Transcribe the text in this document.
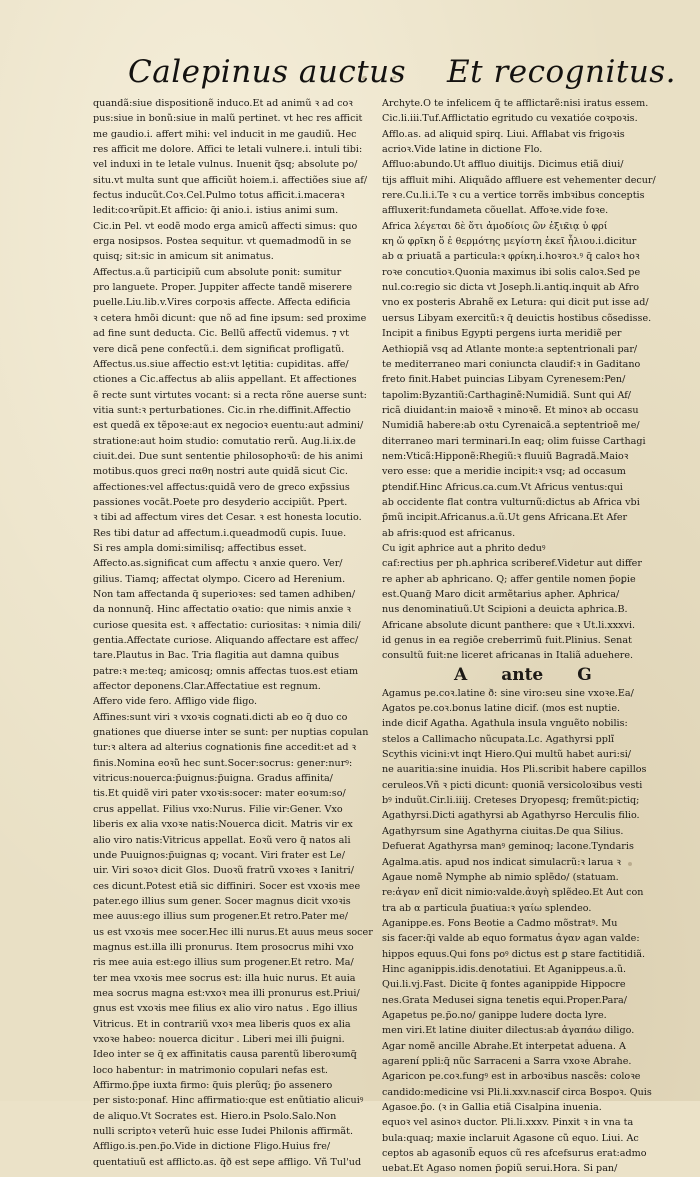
Calepinus auctus Et recognitus.
quandã:siue dispositionẽ induco.Et ad animũ ꝛ ad coꝛ
pus:siue in bonũ:siue in malũ pertinet. vt hec res afficit
me gaudio.i. affert mihi: vel inducit in me gaudiũ. Hec
res afficit me dolore. Affici te letali vulnere.i. intuli tibi:
vel induxi in te letale vulnus. Inuenit q̃sq; absolute po/
situ.vt multa sunt que afficiũt hoiem.i. affectiões siue af/
fectus inducũt.Coꝛ.Cel.Pulmo totus afficit.i.maceraꝛ
ledit:coꝛrũpit.Et afficio: q̃i anio.i. istius animi sum.
Cic.in Pel. vt eodẽ modo erga amicũ affecti simus: quo
erga nosipsos. Postea sequitur. vt quemadmodũ in se
quisq; sit:sic in amicum sit animatus.
Affectus.a.ũ participiũ cum absolute ponit: sumitur
pro languete. Proper. Juppiter affecte tandẽ miserere
puelle.Liu.lib.v.Vires corpoꝛis affecte. Affecta edificia
ꝛ cetera hmõi dicunt: que nõ ad fine ipsum: sed proxime
ad fine sunt deducta. Cic. Bellũ affectũ videmus. ⁊ vt
vere dicã pene confectũ.i. dem significat profligatũ.
Affectus.us.siue affectio est:vt lętitia: cupiditas. affe/
ctiones a Cic.affectus ab aliis appellant. Et affectiones
ẽ recte sunt virtutes vocant: si a recta rõne auerse sunt:
vitia sunt:ꝛ perturbationes. Cic.in rhe.diffinit.Affectio
est quedã ex tẽpoꝛe:aut ex negocioꝛ euentu:aut admini/
stratione:aut hoim studio: comutatio rerũ. Aug.li.ix.de
ciuit.dei. Due sunt sententie philosophoꝛũ: de his animi
motibus.quos greci παθη nostri aute quidã sicut Cic.
affectiones:vel affectus:quidã vero de greco exp̃ssius
passiones vocãt.Poete pro desyderio accipiũt. Ppert.
ꝛ tibi ad affectum vires det Cesar. ꝛ est honesta locutio.
Res tibi datur ad affectum.i.queadmodũ cupis. Iuue.
Si res ampla domi:similisq; affectibus esset.
Affecto.as.significat cum affectu ꝛ anxie quero. Ver/
gilius. Tiamq; affectat olympo. Cicero ad Herenium.
Non tam affectanda q̃ superioꝛes: sed tamen adhiben/
da nonnunq̃. Hinc affectatio oꝛatio: que nimis anxie ꝛ
curiose quesita est. ꝛ affectatio: curiositas: ꝛ nimia dili/
gentia.Affectate curiose. Aliquando affectare est affec/
tare.Plautus in Bac. Tria flagitia aut damna quibus
patre:ꝛ me:teq; amicosq; omnis affectas tuos.est etiam
affector deponens.Clar.Affectatiue est regnum.
Affero vide fero. Affligo vide fligo.
Affines:sunt viri ꝛ vxoꝛis cognati.dicti ab eo q̃ duo co
gnationes que diuerse inter se sunt: per nuptias copulan
tur:ꝛ altera ad alterius cognationis fine accedit:et ad ꝛ
finis.Nomina eoꝛũ hec sunt.Socer:socrus: gener:nurꝰ:
vitricus:nouerca:p̃uignus:p̃uigna. Gradus affinita/
tis.Et quidẽ viri pater vxoꝛis:socer: mater eoꝛum:so/
crus appellat. Filius vxo:Nurus. Filie vir:Gener. Vxo
liberis ex alia vxoꝛe natis:Nouerca dicit. Matris vir ex
alio viro natis:Vitricus appellat. Eoꝛũ vero q̃ natos ali
unde Puuignos:p̃uignas q; vocant. Viri frater est Le/
uir. Viri soꝛoꝛ dicit Glos. Duoꝛũ fratrũ vxoꝛes ꝛ Ianitri/
ces dicunt.Potest etiã sic diffiniri. Socer est vxoꝛis mee
pater.ego illius sum gener. Socer magnus dicit vxoꝛis
mee auus:ego illius sum progener.Et retro.Pater me/
us est vxoꝛis mee socer.Hec illi nurus.Et auus meus socer
magnus est.illa illi pronurus. Item prosocrus mihi vxo
ris mee auia est:ego illius sum progener.Et retro. Ma/
ter mea vxoꝛis mee socrus est: illa huic nurus. Et auia
mea socrus magna est:vxoꝛ mea illi pronurus est.Priui/
gnus est vxoꝛis mee filius ex alio viro natus . Ego illius
Vitricus. Et in contrariũ vxoꝛ mea liberis quos ex alia
vxoꝛe habeo: nouerca dicitur . Liberi mei illi p̃uigni.
Ideo inter se q̃ ex affinitatis causa parentũ liberoꝛumq̃
loco habentur: in matrimonio copulari nefas est.
Affirmo.p̃pe iuxta firmo: q̃uis plerũq; p̃o assenero
per sisto:ponaf. Hinc affirmatio:que est enũtiatio alicuiꝰ
de aliquo.Vt Socrates est. Hiero.in Psolo.Salo.Non
nulli scriptoꝛ veterũ huic esse Iudei Philonis affirmãt.
Affligo.is.pen.p̃o.Vide in dictione Fligo.Huius fre/
quentatiuũ est afflicto.as. q̃ð est sepe affligo. Vñ Tul'ud
Archyte.O te infelicem q̃ te afflictarẽ:nisi iratus essem.
Cic.li.iii.Tuf.Afflictatio egritudo cu vexatióe coꝛpoꝛis.
Afflo.as. ad aliquid spirq. Liui. Afflabat vis frigoꝛis
acrioꝛ.Vide latine in dictione Flo.
Affluo:abundo.Ut affluo diuitijs. Dicimus etiã diui/
tijs affluit mihi. Aliquãdo affluere est vehementer decur/
rere.Cu.li.i.Te ꝛ cu a vertice torrẽs imbꝛibus conceptis
affluxerit:fundameta cõuellat. Affoꝛe.vide foꝛe.
Africa λέγεται δὲ ὅτι ἀμοδίοις ὢν ἐξικ̃ιᾳ ὑ φρί
κη ὥ φρῖκη ὅ ἐ θερμότης μεγίστη ἐκεῖ ἦλιου.i.dicitur
ab α priuatã a particula:ꝛ φρίκη.i.hoꝛroꝛ.ꝰ q̃ caloꝛ hoꝛ
roꝛe concutioꝛ.Quonia maximus ibi solis caloꝛ.Sed pe
nul.co:regio sic dicta vt Joseph.li.antiq.inquit ab Afro
vno ex posteris Abrahẽ ex Letura: qui dicit put isse ad/
uersus Libyam exercitũ:ꝛ q̃ deuictis hostibus cõsedisse.
Incipit a finibus Egypti pergens iurta meridiẽ per
Aethiopiã vsq ad Atlante monte:a septentrionali par/
te mediterraneo mari coniuncta claudif:ꝛ in Gaditano
freto finit.Habet puincias Libyam Cyrenesem:Pen/
tapolim:Byzantiũ:Carthaginẽ:Numidiã. Sunt qui Af/
ricã diuidant:in maioꝛẽ ꝛ minoꝛẽ. Et minoꝛ ab occasu
Numidiã habere:ab oꝛtu Cyrenaicã.a septentrioẽ me/
diterraneo mari terminari.In eaq; olim fuisse Carthagi
nem:Vticã:Hipponẽ:Rhegiũ:ꝛ fluuiũ Bagradã.Maioꝛ
vero esse: que a meridie incipit:ꝛ vsq; ad occasum
ꝑtendif.Hinc Africus.ca.cum.Vt Africus ventus:qui
ab occidente flat contra vulturnũ:dictus ab Africa vbi
p̃mũ incipit.Africanus.a.ũ.Ut gens Africana.Et Afer
ab afris:quod est africanus.
Cu igit aphrice aut a phrito deduꝰ
caf:rectius per ph.aphrica scriberef.Videtur aut differ
re apher ab aphricano. Q; affer gentile nomen p̃oꝑie
est.Quang̃ Maro dicit armẽtarius apher. Aphrica/
nus denominatiuũ.Ut Scipioni a deuicta aphrica.B.
Africane absolute dicunt panthere: que ꝛ Ut.li.xxxvi.
id genus in ea regiõe creberrimũ fuit.Plinius. Senat
consultũ fuit:ne liceret africanas in Italiã aduehere.
A ante G
Agamus pe.coꝛ.latine ð: sine viro:seu sine vxoꝛe.Ea/
Agatos pe.coꝛ.bonus latine dicif. (mos est nuptie.
inde dicif Agatha. Agathula insula vnguẽto nobilis:
stelos a Callimacho nũcupata.Lc. Agathyrsi pplĩ
Scythis vicini:vt inqt Hiero.Qui multũ habet auri:si/
ne auaritia:sine inuidia. Hos Pli.scribit habere capillos
ceruleos.Vñ ꝛ picti dicunt: quoniã versicoloꝛibus vesti
bꝰ induũt.Cir.li.iiij. Creteses Dryopesq; fremũt:pictiq;
Agathyrsi.Dicti agathyrsi ab Agathyrso Herculis filio.
Agathyrsum sine Agathyrna ciuitas.De qua Silius.
Defuerat Agathyrsa manꝰ geminoq; lacone.Tyndaris
Agalma.atis. apud nos indicat simulacrũ:ꝛ larua ꝛ
Agaue nomẽ Nymphe ab nimio splẽdo/ (statuam.
re:ἀγαν enĩ dicit nimio:valde.ἀυγὴ splẽdeo.Et Aut con
tra ab α particula p̃uatiua:ꝛ γαίω splendeo.
Aganippe.es. Fons Beotie a Cadmo mõstratꝰ. Mu
sis facer:q̃i valde ab equo formatus ἀγαν agan valde:
hippos equus.Qui fons poꝰ dictus est ꝑ stare factitidiã.
Hinc aganippis.idis.denotatiui. Et Aganippeus.a.ũ.
Qui.li.vj.Fast. Dicite q̃ fontes aganippide Hippocre
nes.Grata Medusei signa tenetis equi.Proper.Para/
Agapetus pe.p̃o.no/ ganippe ludere docta lyre.
men viri.Et latine diuiter dilectus:ab ἀγαπάω diligo.
Agar nomẽ ancille Abrahe.Et interpetat aduena. A
agarení ppli:q̃ nũc Sarraceni a Sarra vxoꝛe Abrahe.
Agaricon pe.coꝛ.fungꝰ est in arboꝛibus nascẽs: coloꝛe
candido:medicine vsi Pli.li.xxv.nascif circa Bospoꝛ. Quis
Agasoe.p̃o. (ꝛ in Gallia etiã Cisalpina inuenia.
equoꝛ vel asinoꝛ ductor. Pli.li.xxxv. Pinxit ꝛ in vna ta
bula:quaq; maxie inclaruit Agasone cũ equo. Liui. Ac
ceptos ab agasonib̃ equos cũ res afcefsurus erat:admo
uebat.Et Agaso nomen p̃oꝑiũ serui.Hora. Si pan/
